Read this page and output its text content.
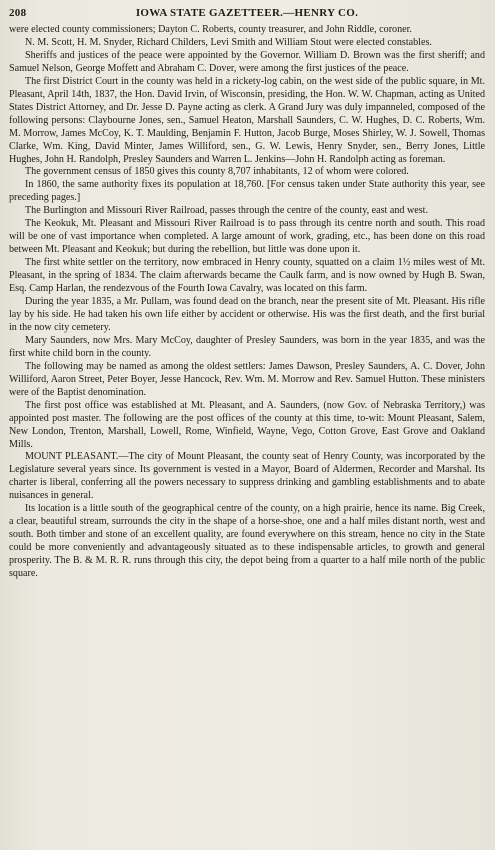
208	IOWA STATE GAZETTEER.—HENRY CO.

were elected county commissioners; Dayton C. Roberts, county treasurer, and John Riddle, coroner.

N. M. Scott, H. M. Snyder, Richard Childers, Levi Smith and William Stout were elected constables.

Sheriffs and justices of the peace were appointed by the Governor. William D. Brown was the first sheriff; and Samuel Nelson, George Moffett and Abraham C. Dover, were among the first justices of the peace.

The first District Court in the county was held in a rickety-log cabin, on the west side of the public square, in Mt. Pleasant, April 14th, 1837, the Hon. David Irvin, of Wisconsin, presiding, the Hon. W. W. Chapman, acting as United States District Attorney, and Dr. Jesse D. Payne acting as clerk. A Grand Jury was duly impanneled, composed of the following persons: Claybourne Jones, sen., Samuel Heaton, Marshall Saunders, C. W. Hughes, D. C. Roberts, Wm. M. Morrow, James McCoy, K. T. Maulding, Benjamin F. Hutton, Jacob Burge, Moses Shirley, W. J. Sowell, Thomas Clarke, Wm. King, David Minter, James Williford, sen., G. W. Lewis, Henry Snyder, sen., Berry Jones, Little Hughes, John H. Randolph, Presley Saunders and Warren L. Jenkins—John H. Randolph acting as foreman.

The government census of 1850 gives this county 8,707 inhabitants, 12 of whom were colored.

In 1860, the same authority fixes its population at 18,760. [For census taken under State authority this year, see preceding pages.]

The Burlington and Missouri River Railroad, passes through the centre of the county, east and west.

The Keokuk, Mt. Pleasant and Missouri River Railroad is to pass through its centre north and south. This road will be one of vast importance when completed. A large amount of work, grading, etc., has been done on this road between Mt. Pleasant and Keokuk; but during the rebellion, but little was done upon it.

The first white settler on the territory, now embraced in Henry county, squatted on a claim 1½ miles west of Mt. Pleasant, in the spring of 1834. The claim afterwards became the Caulk farm, and is now owned by Hugh B. Swan, Esq. Camp Harlan, the rendezvous of the Fourth Iowa Cavalry, was located on this farm.

During the year 1835, a Mr. Pullam, was found dead on the branch, near the present site of Mt. Pleasant. His rifle lay by his side. He had taken his own life either by accident or otherwise. His was the first death, and the first burial in the now city cemetery.

Mary Saunders, now Mrs. Mary McCoy, daughter of Presley Saunders, was born in the year 1835, and was the first white child born in the county.

The following may be named as among the oldest settlers: James Dawson, Presley Saunders, A. C. Dover, John Williford, Aaron Street, Peter Boyer, Jesse Hancock, Rev. Wm. M. Morrow and Rev. Samuel Hutton. These ministers were of the Baptist denomination.

The first post office was established at Mt. Pleasant, and A. Saunders, (now Gov. of Nebraska Territory,) was appointed post master. The following are the post offices of the county at this time, to-wit: Mount Pleasant, Salem, New London, Trenton, Marshall, Lowell, Rome, Winfield, Wayne, Vego, Cotton Grove, East Grove and Oakland Mills.

MOUNT PLEASANT.—The city of Mount Pleasant, the county seat of Henry County, was incorporated by the Legislature several years since. Its government is vested in a Mayor, Board of Aldermen, Recorder and Marshal. Its charter is liberal, conferring all the powers necessary to suppress drinking and gambling establishments and to abate nuisances in general.

Its location is a little south of the geographical centre of the county, on a high prairie, hence its name. Big Creek, a clear, beautiful stream, surrounds the city in the shape of a horse-shoe, one and a half miles distant north, west and south. Both timber and stone of an excellent quality, are found everywhere on this stream, hence no city in the State could be more conveniently and advantageously situated as to these indispensable articles, to growth and general prosperity. The B. & M. R. R. runs through this city, the depot being from a quarter to a half mile north of the public square.
